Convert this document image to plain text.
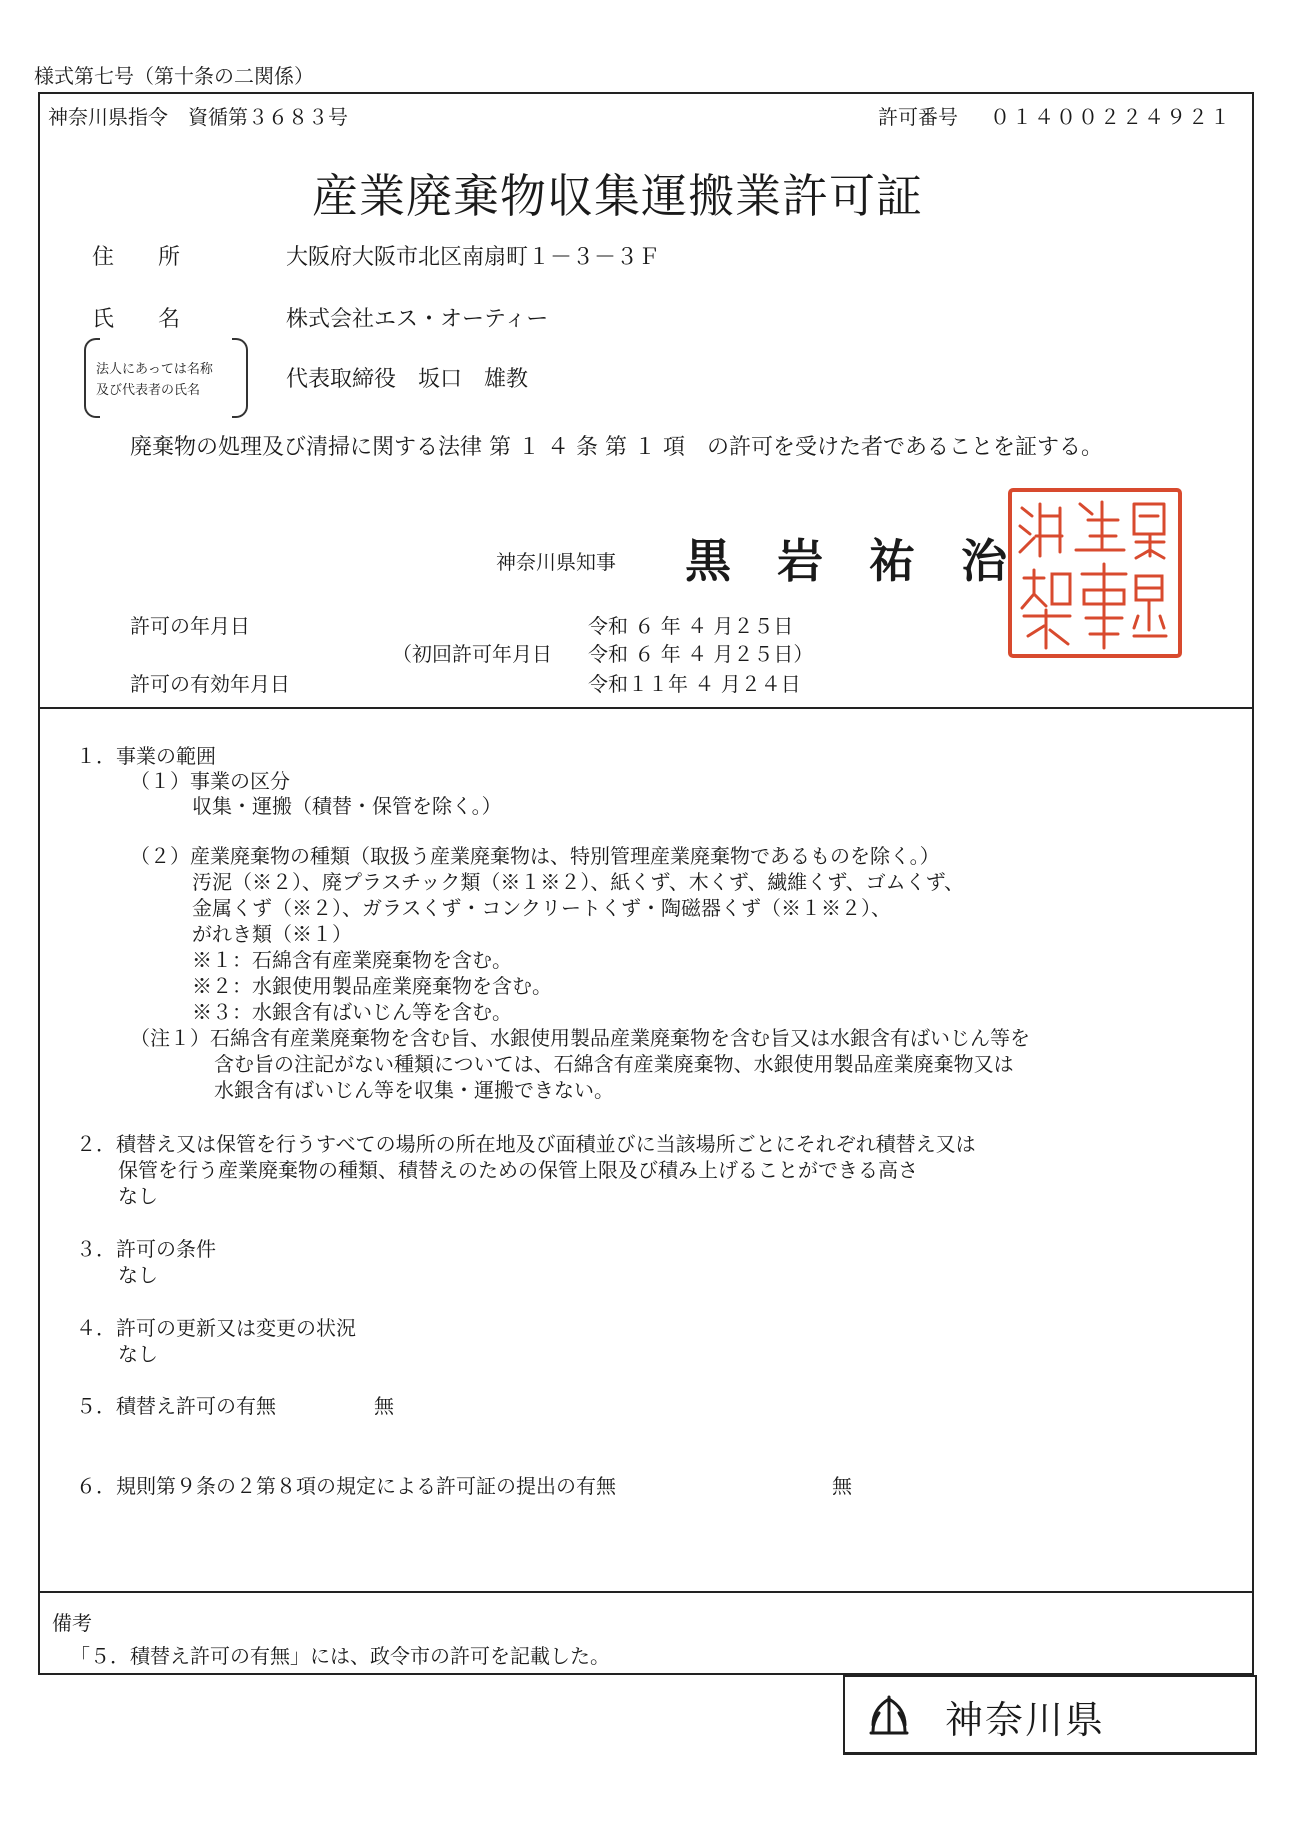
様式第七号（第十条の二関係）
神奈川県指令　資循第３６８３号	許可番号 ０１４００２２４９２１
産業廃棄物収集運搬業許可証
住　　所	大阪府大阪市北区南扇町１－３－３Ｆ
氏　　名	株式会社エス・オーティー
法人にあっては名称
及び代表者の氏名	代表取締役　坂口　雄教
廃棄物の処理及び清掃に関する法律 第 １ ４ 条 第 １ 項　の許可を受けた者であることを証する。
神奈川県知事 黒　岩　祐　治
許可の年月日	令和 ６ 年 ４ 月２５日
（初回許可年月日 令和 ６ 年 ４ 月２５日）
許可の有効年月日	令和１１年 ４ 月２４日
１．事業の範囲
（１）事業の区分
収集・運搬（積替・保管を除く。）
（２）産業廃棄物の種類（取扱う産業廃棄物は、特別管理産業廃棄物であるものを除く。）
汚泥（※２）、廃プラスチック類（※１※２）、紙くず、木くず、繊維くず、ゴムくず、
金属くず（※２）、ガラスくず・コンクリートくず・陶磁器くず（※１※２）、
がれき類（※１）
※１：石綿含有産業廃棄物を含む。
※２：水銀使用製品産業廃棄物を含む。
※３：水銀含有ばいじん等を含む。
（注１）石綿含有産業廃棄物を含む旨、水銀使用製品産業廃棄物を含む旨又は水銀含有ばいじん等を
含む旨の注記がない種類については、石綿含有産業廃棄物、水銀使用製品産業廃棄物又は
水銀含有ばいじん等を収集・運搬できない。
２．積替え又は保管を行うすべての場所の所在地及び面積並びに当該場所ごとにそれぞれ積替え又は
保管を行う産業廃棄物の種類、積替えのための保管上限及び積み上げることができる高さ
なし
３．許可の条件
なし
４．許可の更新又は変更の状況
なし
５．積替え許可の有無	無
６．規則第９条の２第８項の規定による許可証の提出の有無	無
備考
「５．積替え許可の有無」には、政令市の許可を記載した。
神奈川県
